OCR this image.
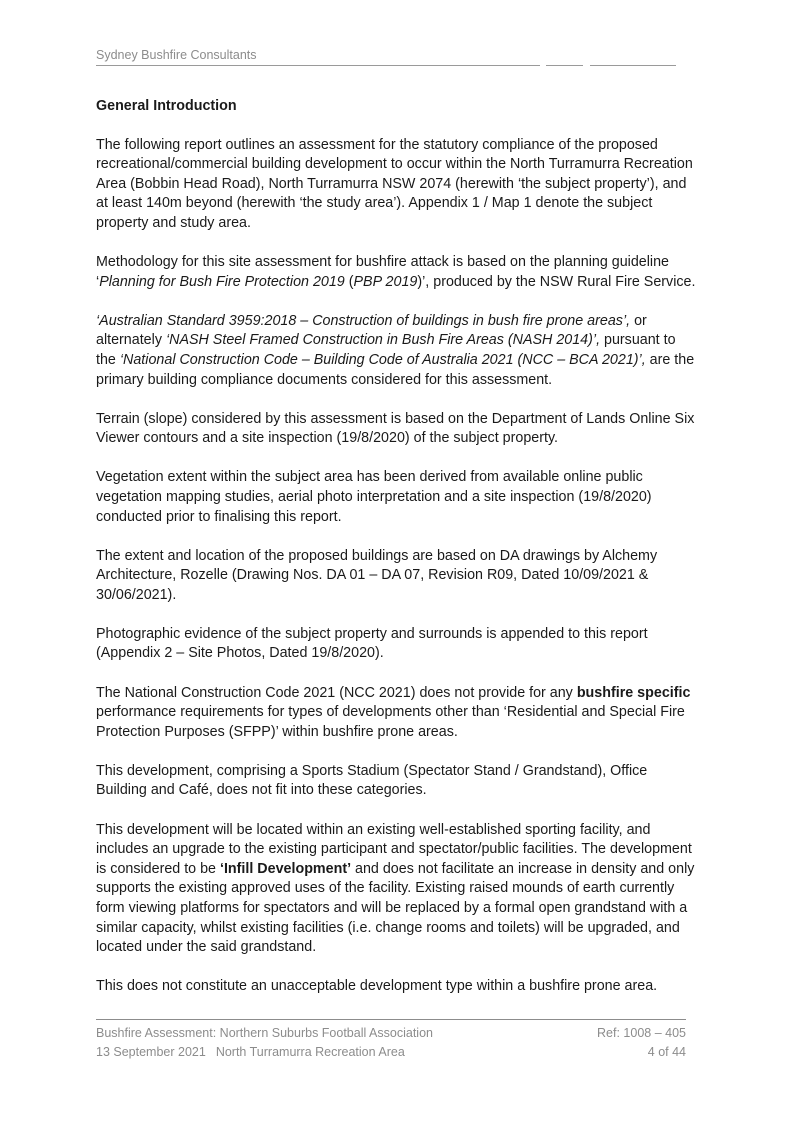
Sydney Bushfire Consultants
General Introduction

The following report outlines an assessment for the statutory compliance of the proposed recreational/commercial building development to occur within the North Turramurra Recreation Area (Bobbin Head Road), North Turramurra NSW 2074 (herewith ‘the subject property’), and at least 140m beyond (herewith ‘the study area’). Appendix 1 / Map 1 denote the subject property and study area.

Methodology for this site assessment for bushfire attack is based on the planning guideline ‘Planning for Bush Fire Protection 2019 (PBP 2019)’, produced by the NSW Rural Fire Service.

‘Australian Standard 3959:2018 – Construction of buildings in bush fire prone areas’, or alternately ‘NASH Steel Framed Construction in Bush Fire Areas (NASH 2014)’, pursuant to the ‘National Construction Code – Building Code of Australia 2021 (NCC – BCA 2021)’, are the primary building compliance documents considered for this assessment.

Terrain (slope) considered by this assessment is based on the Department of Lands Online Six Viewer contours and a site inspection (19/8/2020) of the subject property.

Vegetation extent within the subject area has been derived from available online public vegetation mapping studies, aerial photo interpretation and a site inspection (19/8/2020) conducted prior to finalising this report.

The extent and location of the proposed buildings are based on DA drawings by Alchemy Architecture, Rozelle (Drawing Nos. DA 01 – DA 07, Revision R09, Dated 10/09/2021 & 30/06/2021).

Photographic evidence of the subject property and surrounds is appended to this report (Appendix 2 – Site Photos, Dated 19/8/2020).

The National Construction Code 2021 (NCC 2021) does not provide for any bushfire specific performance requirements for types of developments other than ‘Residential and Special Fire Protection Purposes (SFPP)’ within bushfire prone areas.

This development, comprising a Sports Stadium (Spectator Stand / Grandstand), Office Building and Café, does not fit into these categories.

This development will be located within an existing well-established sporting facility, and includes an upgrade to the existing participant and spectator/public facilities. The development is considered to be ‘Infill Development’ and does not facilitate an increase in density and only supports the existing approved uses of the facility. Existing raised mounds of earth currently form viewing platforms for spectators and will be replaced by a formal open grandstand with a similar capacity, whilst existing facilities (i.e. change rooms and toilets) will be upgraded, and located under the said grandstand.

This does not constitute an unacceptable development type within a bushfire prone area.

Bushfire Assessment: Northern Suburbs Football Association	Ref: 1008 – 405
13 September 2021 North Turramurra Recreation Area	4 of 44
